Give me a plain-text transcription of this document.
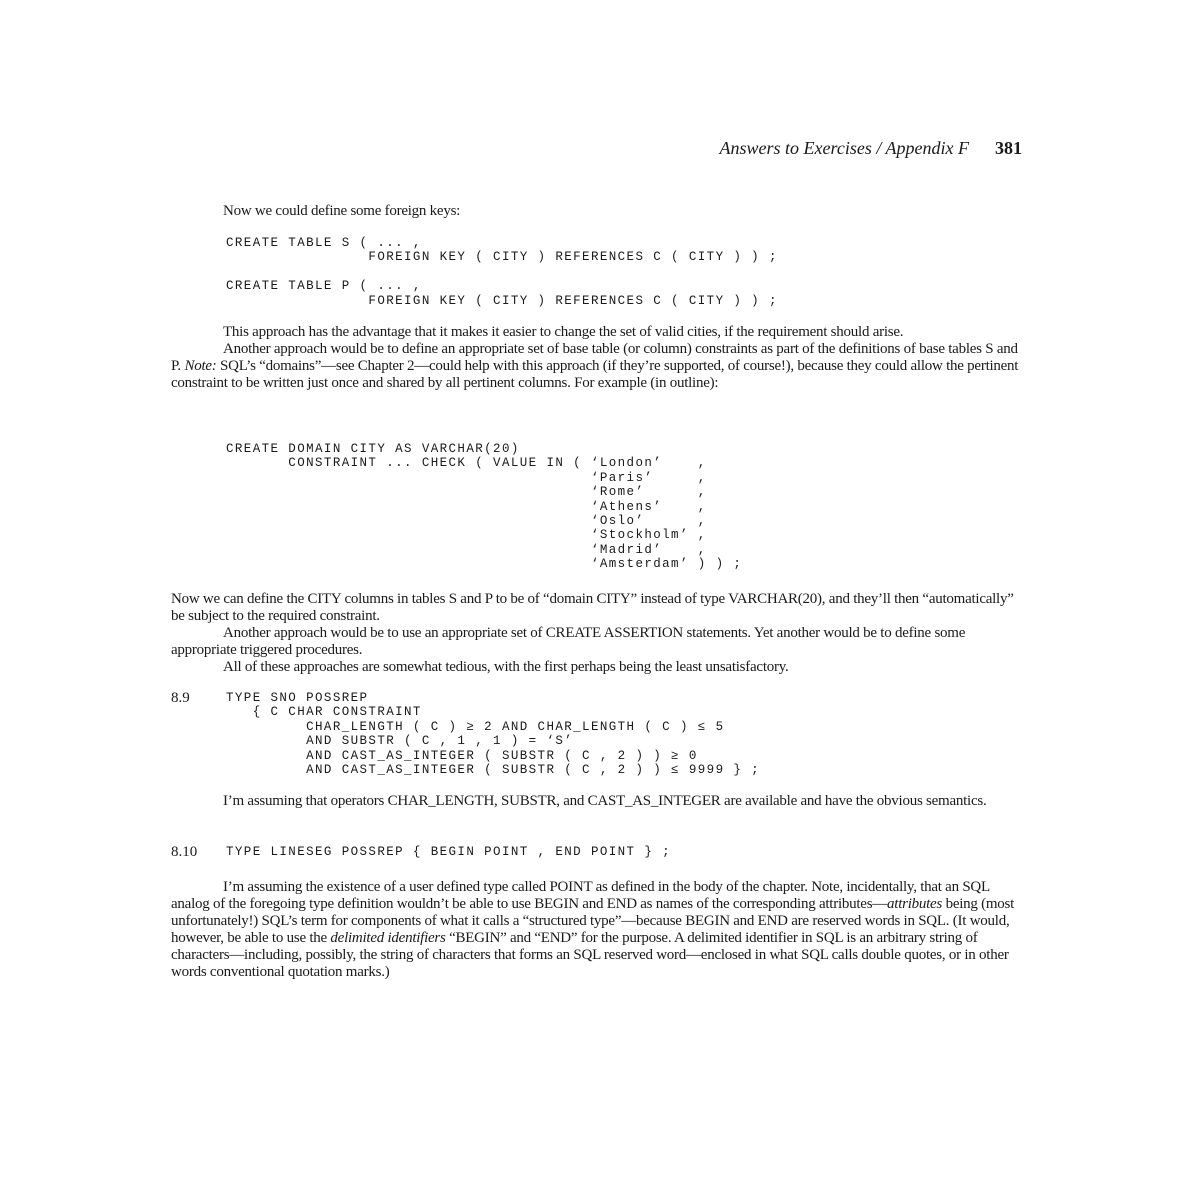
Answers to Exercises / Appendix F 381

Now we could define some foreign keys:

CREATE TABLE S ( ... ,
FOREIGN KEY ( CITY ) REFERENCES C ( CITY ) ) ;

CREATE TABLE P ( ... ,
FOREIGN KEY ( CITY ) REFERENCES C ( CITY ) ) ;

This approach has the advantage that it makes it easier to change the set of valid cities, if the requirement should arise.

Another approach would be to define an appropriate set of base table (or column) constraints as part of the definitions of base tables S and P. Note: SQL’s “domains”—see Chapter 2—could help with this approach (if they’re supported, of course!), because they could allow the pertinent constraint to be written just once and shared by all pertinent columns. For example (in outline):

CREATE DOMAIN CITY AS VARCHAR(20)
CONSTRAINT ... CHECK ( VALUE IN ( ‘London’    ,
‘Paris’     ,
‘Rome’      ,
‘Athens’    ,
‘Oslo’      ,
‘Stockholm’ ,
‘Madrid’    ,
‘Amsterdam’ ) ) ;

Now we can define the CITY columns in tables S and P to be of “domain CITY” instead of type VARCHAR(20), and they’ll then “automatically” be subject to the required constraint.

Another approach would be to use an appropriate set of CREATE ASSERTION statements. Yet another would be to define some appropriate triggered procedures.

All of these approaches are somewhat tedious, with the first perhaps being the least unsatisfactory.

8.9	TYPE SNO POSSREP
{ C CHAR CONSTRAINT
CHAR_LENGTH ( C ) ≥ 2 AND CHAR_LENGTH ( C ) ≤ 5
AND SUBSTR ( C , 1 , 1 ) = ‘S’
AND CAST_AS_INTEGER ( SUBSTR ( C , 2 ) ) ≥ 0
AND CAST_AS_INTEGER ( SUBSTR ( C , 2 ) ) ≤ 9999 } ;

I’m assuming that operators CHAR_LENGTH, SUBSTR, and CAST_AS_INTEGER are available and have the obvious semantics.

8.10 TYPE LINESEG POSSREP { BEGIN POINT , END POINT } ;

I’m assuming the existence of a user defined type called POINT as defined in the body of the chapter. Note, incidentally, that an SQL analog of the foregoing type definition wouldn’t be able to use BEGIN and END as names of the corresponding attributes—attributes being (most unfortunately!) SQL’s term for components of what it calls a “structured type”—because BEGIN and END are reserved words in SQL. (It would, however, be able to use the delimited identifiers “BEGIN” and “END” for the purpose. A delimited identifier in SQL is an arbitrary string of characters—including, possibly, the string of characters that forms an SQL reserved word—enclosed in what SQL calls double quotes, or in other words conventional quotation marks.)
